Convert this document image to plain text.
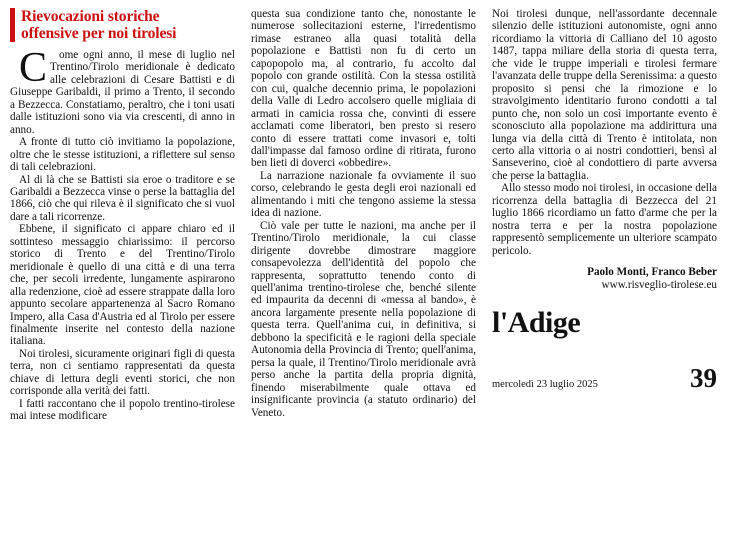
Rievocazioni storiche
offensive per noi tirolesi

C ome ogni anno, il mese di luglio nel Trentino/Tirolo meridionale è dedicato alle celebrazioni di Cesare Battisti e di Giuseppe Garibaldi, il primo a Trento, il secondo a Bezzecca. Constatiamo, peraltro, che i toni usati dalle istituzioni sono via via crescenti, di anno in anno.

A fronte di tutto ciò invitiamo la popolazione, oltre che le stesse istituzioni, a riflettere sul senso di tali celebrazioni.

Al di là che se Battisti sia eroe o traditore e se Garibaldi a Bezzecca vinse o perse la battaglia del 1866, ciò che qui rileva è il significato che si vuol dare a tali ricorrenze.

Ebbene, il significato ci appare chiaro ed il sottinteso messaggio chiarissimo: il percorso storico di Trento e del Trentino/Tirolo meridionale è quello di una città e di una terra che, per secoli irredente, lungamente aspirarono alla redenzione, cioè ad essere strappate dalla loro appunto secolare appartenenza al Sacro Romano Impero, alla Casa d'Austria ed al Tirolo per essere finalmente inserite nel contesto della nazione italiana.

Noi tirolesi, sicuramente originari figli di questa terra, non ci sentiamo rappresentati da questa chiave di lettura degli eventi storici, che non corrisponde alla verità dei fatti.

I fatti raccontano che il popolo trentino-tirolese mai intese modificare

questa sua condizione tanto che, nonostante le numerose sollecitazioni esterne, l'irredentismo rimase estraneo alla quasi totalità della popolazione e Battisti non fu di certo un capopopolo ma, al contrario, fu accolto dal popolo con grande ostilità. Con la stessa ostilità con cui, qualche decennio prima, le popolazioni della Valle di Ledro accolsero quelle migliaia di armati in camicia rossa che, convinti di essere acclamati come liberatori, ben presto si resero conto di essere trattati come invasori e, tolti dall'impasse dal famoso ordine di ritirata, furono ben lieti di doverci «obbedire».

La narrazione nazionale fa ovviamente il suo corso, celebrando le gesta degli eroi nazionali ed alimentando i miti che tengono assieme la stessa idea di nazione.

Ciò vale per tutte le nazioni, ma anche per il Trentino/Tirolo meridionale, la cui classe dirigente dovrebbe dimostrare maggiore consapevolezza dell'identità del popolo che rappresenta, soprattutto tenendo conto di quell'anima trentino-tirolese che, benché silente ed impaurita da decenni di «messa al bando», è ancora largamente presente nella popolazione di questa terra. Quell'anima cui, in definitiva, si debbono la specificità e le ragioni della speciale Autonomia della Provincia di Trento; quell'anima, persa la quale, il Trentino/Tirolo meridionale avrà perso anche la partita della propria dignità, finendo miserabilmente quale ottava ed insignificante provincia (a statuto ordinario) del Veneto.

Noi tirolesi dunque, nell'assordante decennale silenzio delle istituzioni autonomiste, ogni anno ricordiamo la vittoria di Calliano del 10 agosto 1487, tappa miliare della storia di questa terra, che vide le truppe imperiali e tirolesi fermare l'avanzata delle truppe della Serenissima: a questo proposito si pensi che la rimozione e lo stravolgimento identitario furono condotti a tal punto che, non solo un così importante evento è sconosciuto alla popolazione ma addirittura una lunga via della città di Trento è intitolata, non certo alla vittoria o ai nostri condottieri, bensì al Sanseverino, cioè al condottiero di parte avversa che perse la battaglia.

Allo stesso modo noi tirolesi, in occasione della ricorrenza della battaglia di Bezzecca del 21 luglio 1866 ricordiamo un fatto d'arme che per la nostra terra e per la nostra popolazione rappresentò semplicemente un ulteriore scampato pericolo.

Paolo Monti, Franco Beber
www.risveglio-tirolese.eu
l'Adige
mercoledì 23 luglio 2025	39
